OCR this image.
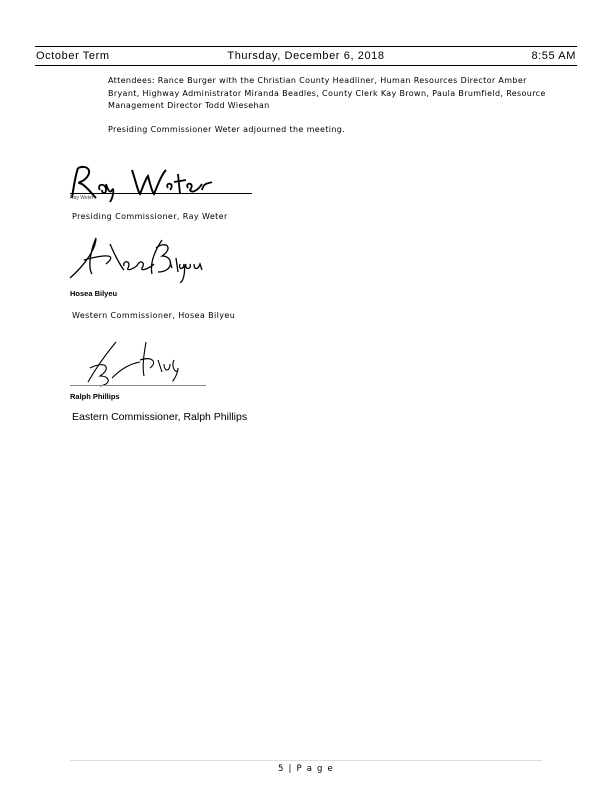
October Term	Thursday, December 6, 2018	8:55 AM
Attendees: Rance Burger with the Christian County Headliner, Human Resources Director Amber Bryant, Highway Administrator Miranda Beadles, County Clerk Kay Brown, Paula Brumfield, Resource Management Director Todd Wiesehan
Presiding Commissioner Weter adjourned the meeting.
Ray Weter
Presiding Commissioner, Ray Weter
Hosea Bilyeu
Western Commissioner, Hosea Bilyeu
Ralph Phillips
Eastern Commissioner, Ralph Phillips
5 | P a g e
